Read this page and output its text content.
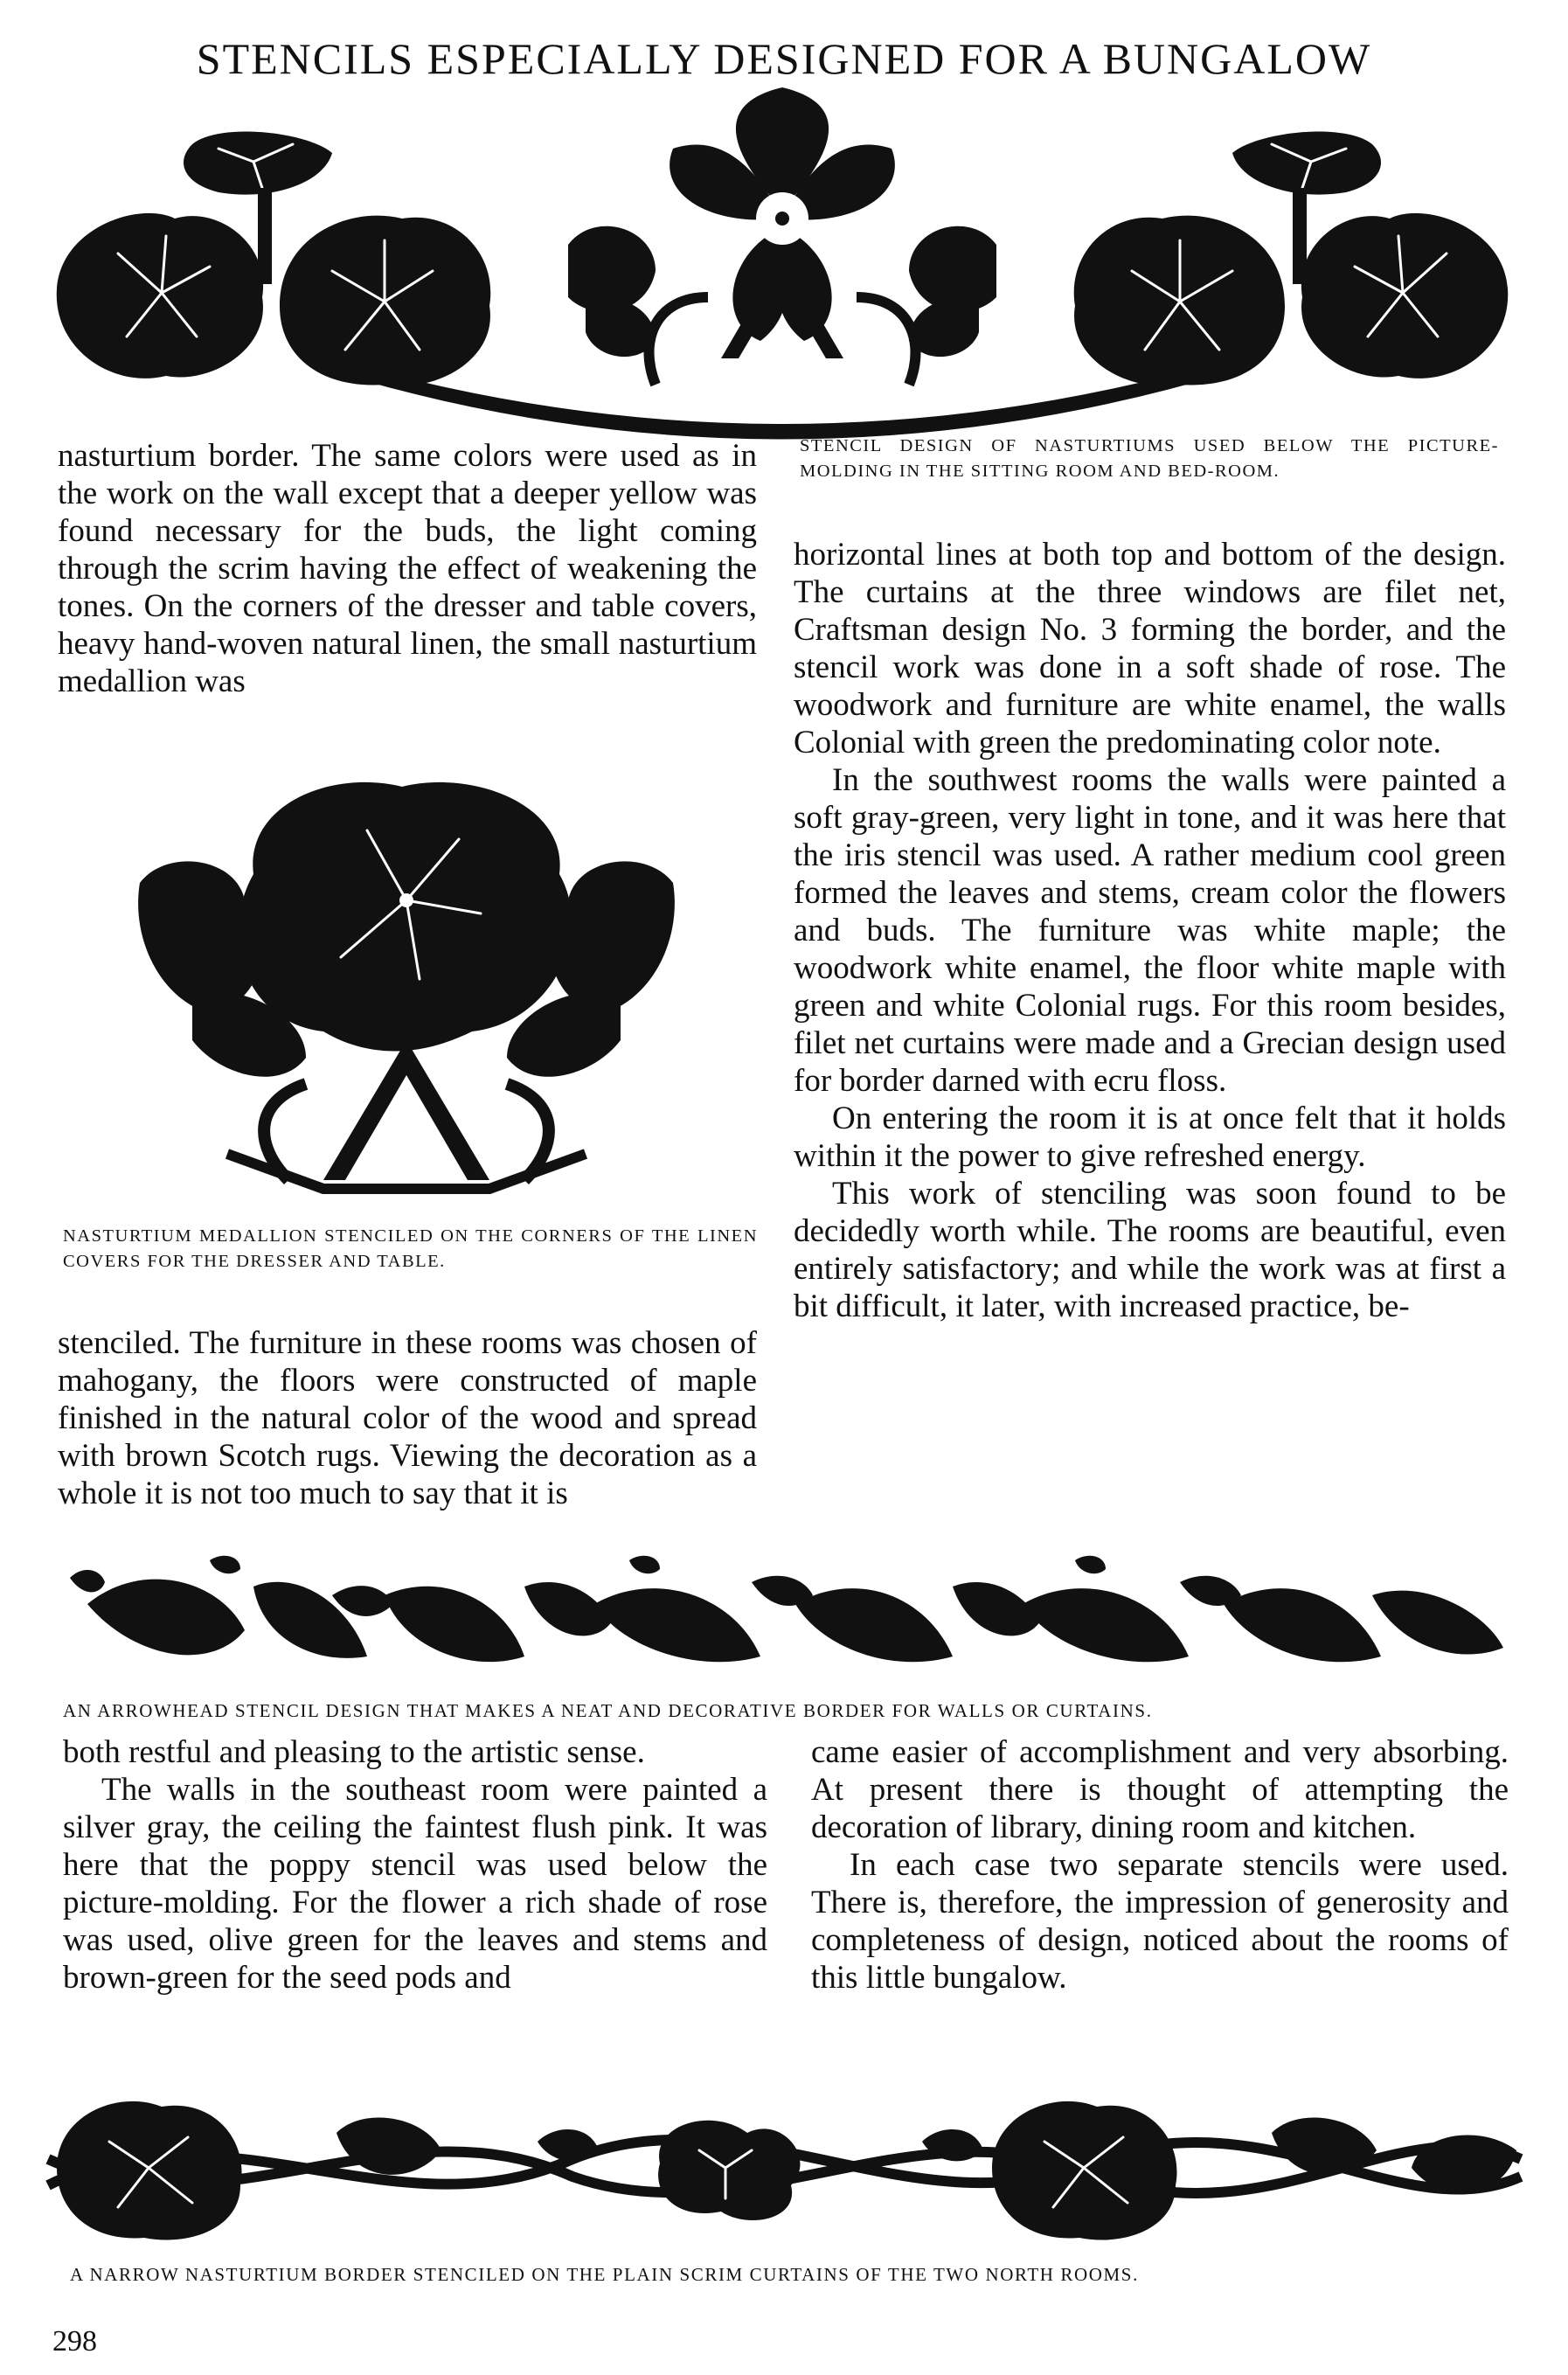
STENCILS ESPECIALLY DESIGNED FOR A BUNGALOW

nasturtium border. The same colors were used as in the work on the wall except that a deeper yellow was found necessary for the buds, the light coming through the scrim having the effect of weakening the tones. On the corners of the dresser and table covers, heavy hand-woven natural linen, the small nasturtium medallion was

STENCIL DESIGN OF NASTURTIUMS USED BELOW THE PICTURE-MOLDING IN THE SITTING ROOM AND BED-ROOM.

NASTURTIUM MEDALLION STENCILED ON THE CORNERS OF THE LINEN COVERS FOR THE DRESSER AND TABLE.

stenciled. The furniture in these rooms was chosen of mahogany, the floors were constructed of maple finished in the natural color of the wood and spread with brown Scotch rugs. Viewing the decoration as a whole it is not too much to say that it is

horizontal lines at both top and bottom of the design. The curtains at the three windows are filet net, Craftsman design No. 3 forming the border, and the stencil work was done in a soft shade of rose. The woodwork and furniture are white enamel, the walls Colonial with green the predominating color note.

In the southwest rooms the walls were painted a soft gray-green, very light in tone, and it was here that the iris stencil was used. A rather medium cool green formed the leaves and stems, cream color the flowers and buds. The furniture was white maple; the woodwork white enamel, the floor white maple with green and white Colonial rugs. For this room besides, filet net curtains were made and a Grecian design used for border darned with ecru floss.

On entering the room it is at once felt that it holds within it the power to give refreshed energy.

This work of stenciling was soon found to be decidedly worth while. The rooms are beautiful, even entirely satisfactory; and while the work was at first a bit difficult, it later, with increased practice, be-

AN ARROWHEAD STENCIL DESIGN THAT MAKES A NEAT AND DECORATIVE BORDER FOR WALLS OR CURTAINS.

both restful and pleasing to the artistic sense.

The walls in the southeast room were painted a silver gray, the ceiling the faintest flush pink. It was here that the poppy stencil was used below the picture-molding. For the flower a rich shade of rose was used, olive green for the leaves and stems and brown-green for the seed pods and

came easier of accomplishment and very absorbing. At present there is thought of attempting the decoration of library, dining room and kitchen.

In each case two separate stencils were used. There is, therefore, the impression of generosity and completeness of design, noticed about the rooms of this little bungalow.

A NARROW NASTURTIUM BORDER STENCILED ON THE PLAIN SCRIM CURTAINS OF THE TWO NORTH ROOMS.
298
